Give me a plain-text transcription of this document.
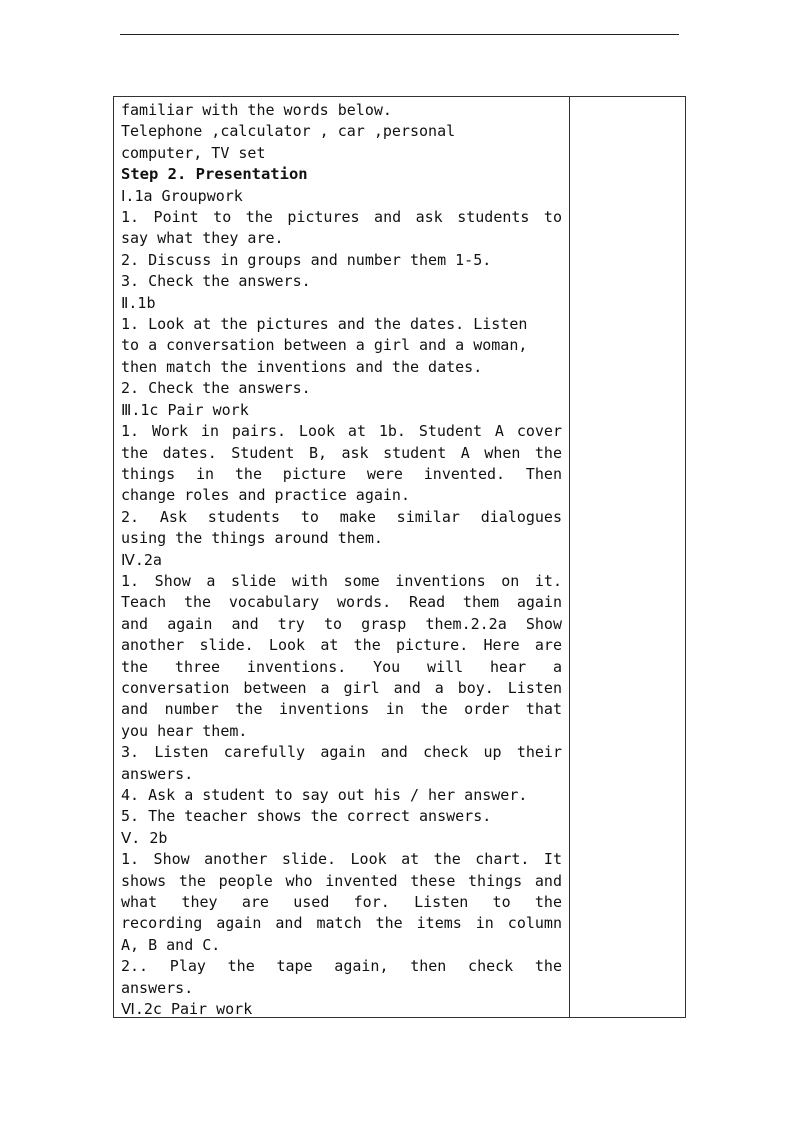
familiar with the words below.
Telephone ,calculator , car ,personal
computer, TV set
Step 2. Presentation
Ⅰ.1a Groupwork
1. Point to the pictures and ask students to
say what they are.
2. Discuss in groups and number them 1-5.
3. Check the answers.
Ⅱ.1b
1. Look at the pictures and the dates. Listen
to a conversation between a girl and a woman,
then match the inventions and the dates.
2. Check the answers.
Ⅲ.1c Pair work
1. Work in pairs. Look at 1b. Student A cover
the dates. Student B, ask student A when the
things in the picture were invented. Then
change roles and practice again.
2. Ask students to make similar dialogues
using the things around them.
Ⅳ.2a
1. Show a slide with some inventions on it.
Teach the vocabulary words. Read them again
and again and try to grasp them.2.2a Show
another slide. Look at the picture. Here are
the three inventions. You will hear a
conversation between a girl and a boy. Listen
and number the inventions in the order that
you hear them.
3. Listen carefully again and check up their
answers.
4. Ask a student to say out his / her answer.
5. The teacher shows the correct answers.
Ⅴ. 2b
1. Show another slide. Look at the chart. It
shows the people who invented these things and
what they are used for. Listen to the
recording again and match the items in column
A, B and C.
2.. Play the tape again, then check the
answers.
Ⅵ.2c Pair work
